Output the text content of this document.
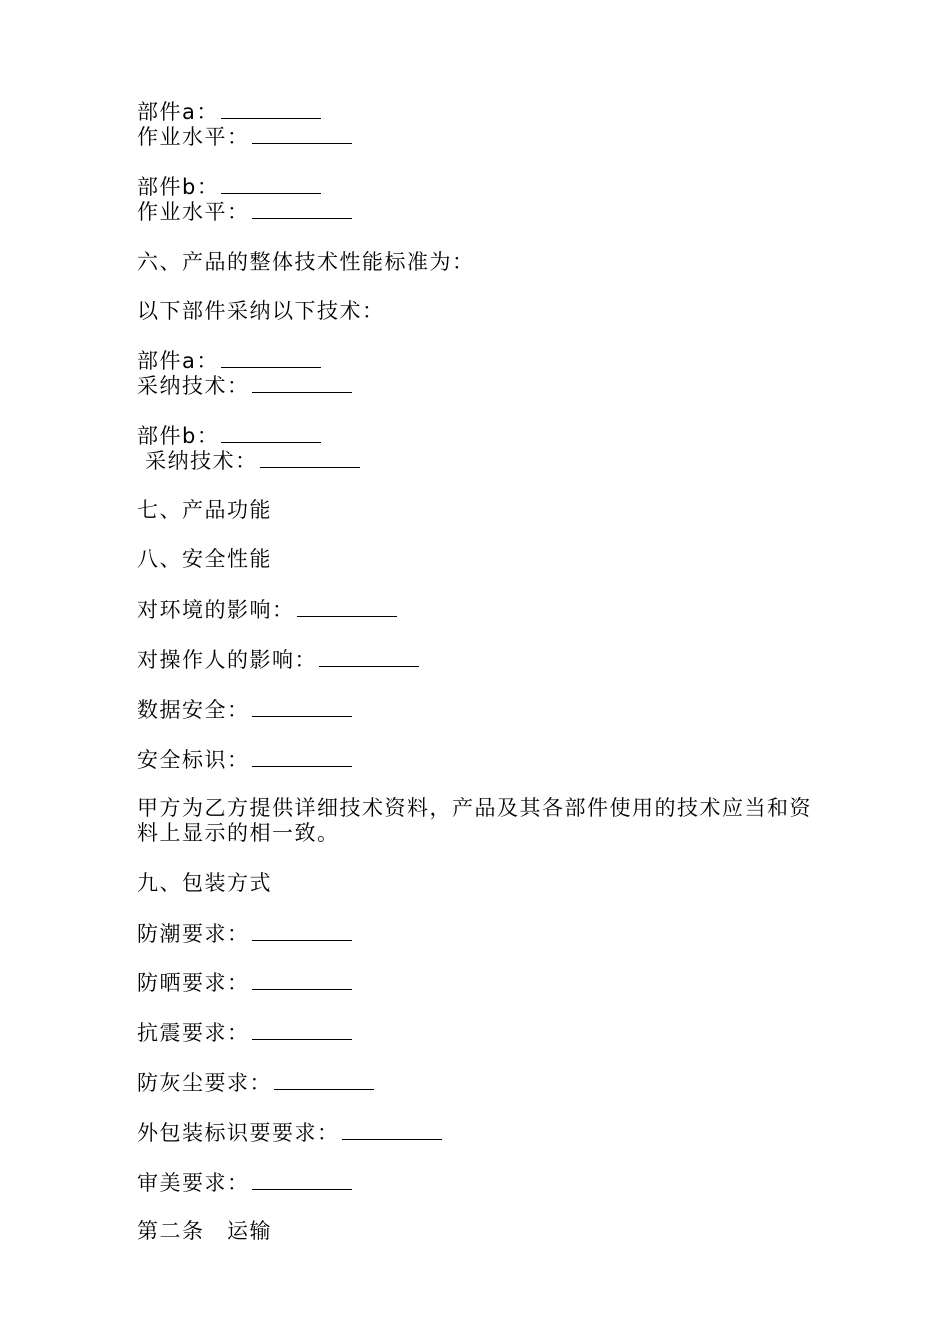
部件a：
作业水平：
部件b：
作业水平：
六、产品的整体技术性能标准为：
以下部件采纳以下技术：
部件a：
采纳技术：
部件b：
采纳技术：
七、产品功能
八、安全性能
对环境的影响：
对操作人的影响：
数据安全：
安全标识：
甲方为乙方提供详细技术资料，产品及其各部件使用的技术应当和资
料上显示的相一致。
九、包装方式
防潮要求：
防晒要求：
抗震要求：
防灰尘要求：
外包装标识要要求：
审美要求：
第二条　运输
